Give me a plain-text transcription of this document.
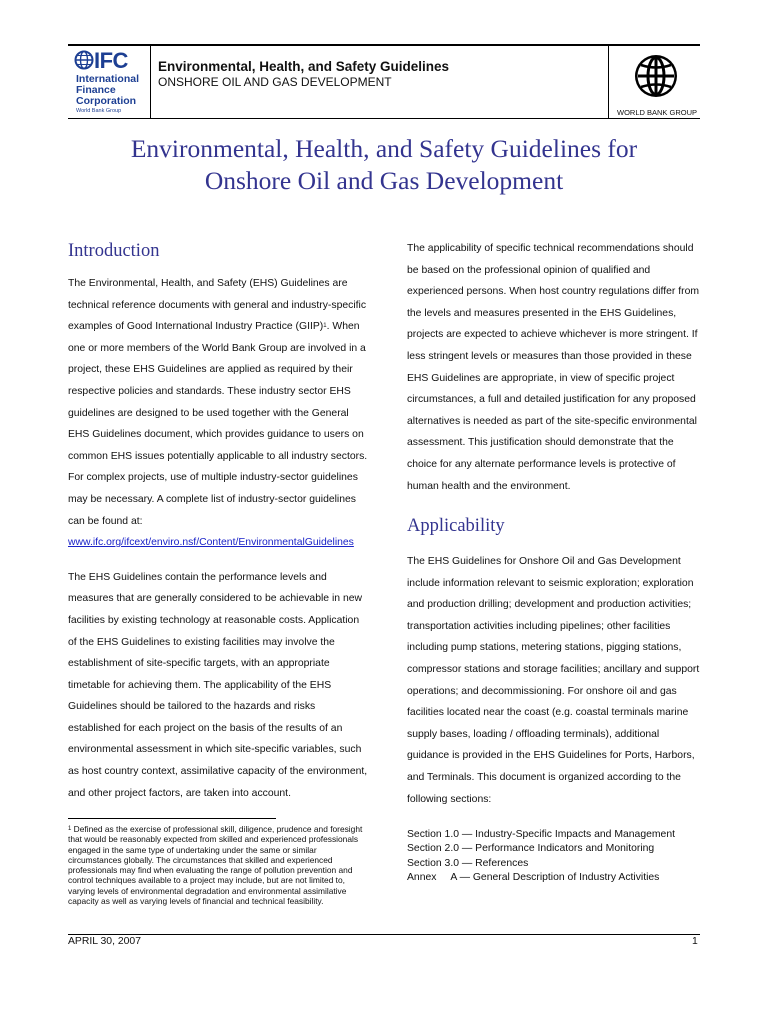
IFC
International
Finance
Corporation
World Bank Group
Environmental, Health, and Safety Guidelines
ONSHORE OIL AND GAS DEVELOPMENT
WORLD BANK GROUP
Environmental, Health, and Safety Guidelines for
Onshore Oil and Gas Development
Introduction

The Environmental, Health, and Safety (EHS) Guidelines are technical reference documents with general and industry-specific examples of Good International Industry Practice (GIIP)$^1$. When one or more members of the World Bank Group are involved in a project, these EHS Guidelines are applied as required by their respective policies and standards. These industry sector EHS guidelines are designed to be used together with the General EHS Guidelines document, which provides guidance to users on common EHS issues potentially applicable to all industry sectors. For complex projects, use of multiple industry-sector guidelines may be necessary. A complete list of industry-sector guidelines can be found at:
www.ifc.org/ifcext/enviro.nsf/Content/EnvironmentalGuidelines

The EHS Guidelines contain the performance levels and measures that are generally considered to be achievable in new facilities by existing technology at reasonable costs. Application of the EHS Guidelines to existing facilities may involve the establishment of site-specific targets, with an appropriate timetable for achieving them. The applicability of the EHS Guidelines should be tailored to the hazards and risks established for each project on the basis of the results of an environmental assessment in which site-specific variables, such as host country context, assimilative capacity of the environment, and other project factors, are taken into account.

$^1$ Defined as the exercise of professional skill, diligence, prudence and foresight that would be reasonably expected from skilled and experienced professionals engaged in the same type of undertaking under the same or similar circumstances globally. The circumstances that skilled and experienced professionals may find when evaluating the range of pollution prevention and control techniques available to a project may include, but are not limited to, varying levels of environmental degradation and environmental assimilative capacity as well as varying levels of financial and technical feasibility.

The applicability of specific technical recommendations should be based on the professional opinion of qualified and experienced persons. When host country regulations differ from the levels and measures presented in the EHS Guidelines, projects are expected to achieve whichever is more stringent. If less stringent levels or measures than those provided in these EHS Guidelines are appropriate, in view of specific project circumstances, a full and detailed justification for any proposed alternatives is needed as part of the site-specific environmental assessment. This justification should demonstrate that the choice for any alternate performance levels is protective of human health and the environment.

Applicability

The EHS Guidelines for Onshore Oil and Gas Development include information relevant to seismic exploration; exploration and production drilling; development and production activities; transportation activities including pipelines; other facilities including pump stations, metering stations, pigging stations, compressor stations and storage facilities; ancillary and support operations; and decommissioning. For onshore oil and gas facilities located near the coast (e.g. coastal terminals marine supply bases, loading / offloading terminals), additional guidance is provided in the EHS Guidelines for Ports, Harbors, and Terminals. This document is organized according to the following sections:

Section 1.0 — Industry-Specific Impacts and Management
Section 2.0 — Performance Indicators and Monitoring
Section 3.0 — References
Annex     A — General Description of Industry Activities
APRIL 30, 2007	1
